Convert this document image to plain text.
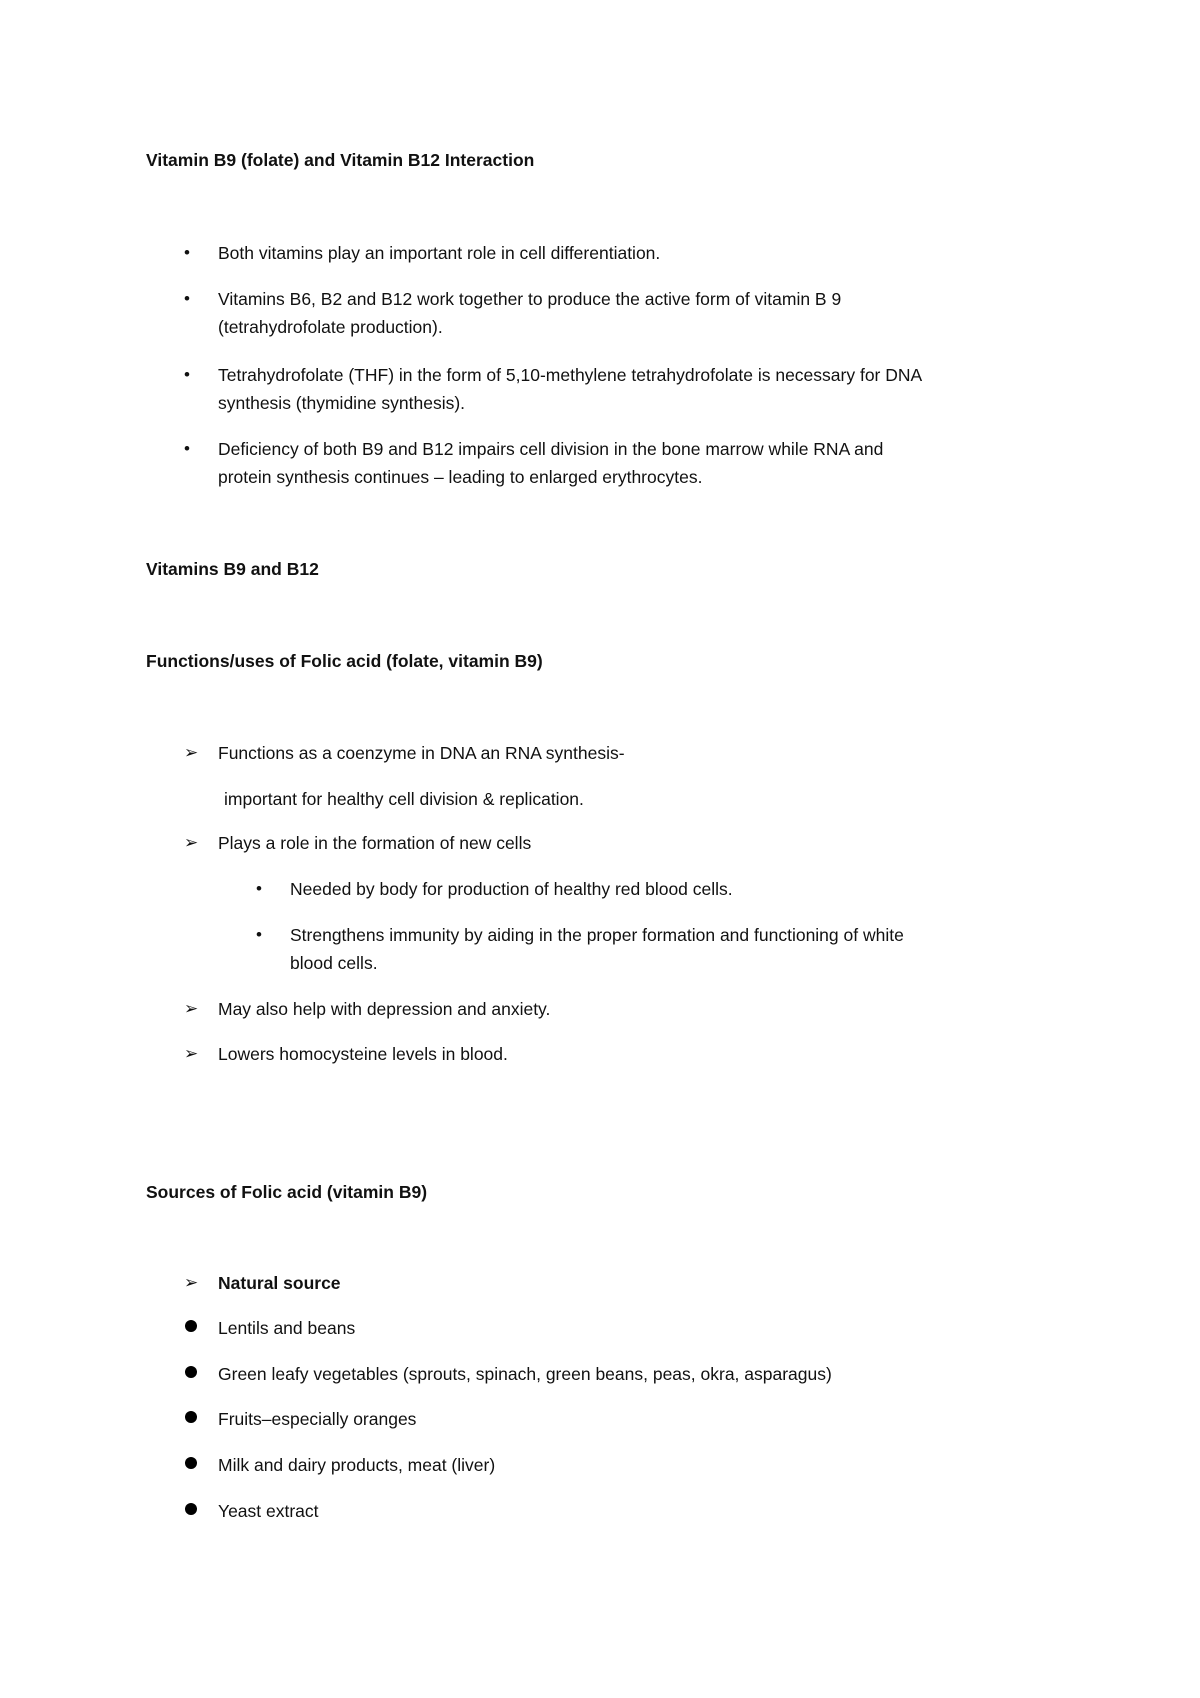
Vitamin B9 (folate) and Vitamin B12 Interaction
• Both vitamins play an important role in cell differentiation.
• Vitamins B6, B2 and B12 work together to produce the active form of vitamin B 9
(tetrahydrofolate production).
• Tetrahydrofolate (THF) in the form of 5,10-methylene tetrahydrofolate is necessary for DNA
synthesis (thymidine synthesis).
• Deficiency of both B9 and B12 impairs cell division in the bone marrow while RNA and
protein synthesis continues – leading to enlarged erythrocytes.
Vitamins B9 and B12
Functions/uses of Folic acid (folate, vitamin B9)
➢ Functions as a coenzyme in DNA an RNA synthesis-
important for healthy cell division & replication.
➢ Plays a role in the formation of new cells
• Needed by body for production of healthy red blood cells.
• Strengthens immunity by aiding in the proper formation and functioning of white
blood cells.
➢ May also help with depression and anxiety.
➢ Lowers homocysteine levels in blood.
Sources of Folic acid (vitamin B9)
➢ Natural source
Lentils and beans
Green leafy vegetables (sprouts, spinach, green beans, peas, okra, asparagus)
Fruits–especially oranges
Milk and dairy products, meat (liver)
Yeast extract
